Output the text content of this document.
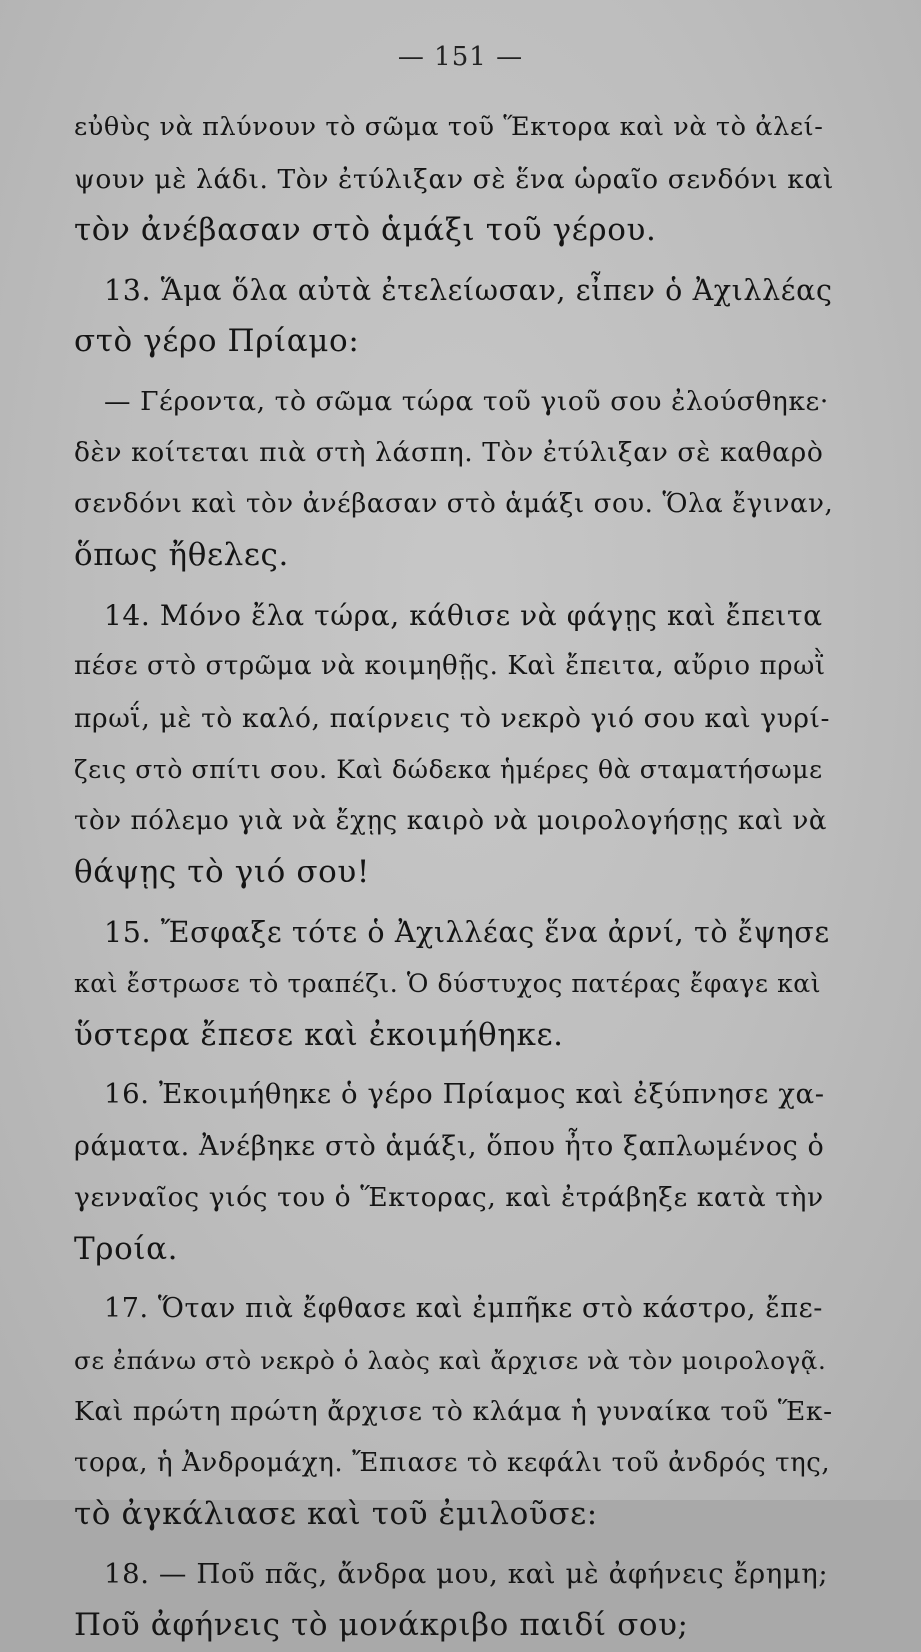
— 151 —
εὐθὺς νὰ πλύνουν τὸ σῶμα τοῦ Ἕκτορα καὶ νὰ τὸ ἀλεί-
ψουν μὲ λάδι. Τὸν ἐτύλιξαν σὲ ἕνα ὡραῖο σενδόνι καὶ
τὸν ἀνέβασαν στὸ ἁμάξι τοῦ γέρου.
13. Ἅμα ὅλα αὐτὰ ἐτελείωσαν, εἶπεν ὁ Ἀχιλλέας
στὸ γέρο Πρίαμο:
— Γέροντα, τὸ σῶμα τώρα τοῦ γιοῦ σου ἐλούσθηκε·
δὲν κοίτεται πιὰ στὴ λάσπη. Τὸν ἐτύλιξαν σὲ καθαρὸ
σενδόνι καὶ τὸν ἀνέβασαν στὸ ἁμάξι σου. Ὅλα ἔγιναν,
ὅπως ἤθελες.
14. Μόνο ἔλα τώρα, κάθισε νὰ φάγῃς καὶ ἔπειτα
πέσε στὸ στρῶμα νὰ κοιμηθῇς. Καὶ ἔπειτα, αὔριο πρωῒ
πρωΐ, μὲ τὸ καλό, παίρνεις τὸ νεκρὸ γιό σου καὶ γυρί-
ζεις στὸ σπίτι σου. Καὶ δώδεκα ἡμέρες θὰ σταματήσωμε
τὸν πόλεμο γιὰ νὰ ἔχῃς καιρὸ νὰ μοιρολογήσῃς καὶ νὰ
θάψῃς τὸ γιό σου!
15. Ἔσφαξε τότε ὁ Ἀχιλλέας ἕνα ἀρνί, τὸ ἔψησε
καὶ ἔστρωσε τὸ τραπέζι. Ὁ δύστυχος πατέρας ἔφαγε καὶ
ὕστερα ἔπεσε καὶ ἐκοιμήθηκε.
16. Ἐκοιμήθηκε ὁ γέρο Πρίαμος καὶ ἐξύπνησε χα-
ράματα. Ἀνέβηκε στὸ ἁμάξι, ὅπου ἦτο ξαπλωμένος ὁ
γενναῖος γιός του ὁ Ἕκτορας, καὶ ἐτράβηξε κατὰ τὴν
Τροία.
17. Ὅταν πιὰ ἔφθασε καὶ ἐμπῆκε στὸ κάστρο, ἔπε-
σε ἐπάνω στὸ νεκρὸ ὁ λαὸς καὶ ἄρχισε νὰ τὸν μοιρολογᾷ.
Καὶ πρώτη πρώτη ἄρχισε τὸ κλάμα ἡ γυναίκα τοῦ Ἕκ-
τορα, ἡ Ἀνδρομάχη. Ἔπιασε τὸ κεφάλι τοῦ ἀνδρός της,
τὸ ἀγκάλιασε καὶ τοῦ ἐμιλοῦσε:
18. — Ποῦ πᾶς, ἄνδρα μου, καὶ μὲ ἀφήνεις ἔρημη;
Ποῦ ἀφήνεις τὸ μονάκριβο παιδί σου;
